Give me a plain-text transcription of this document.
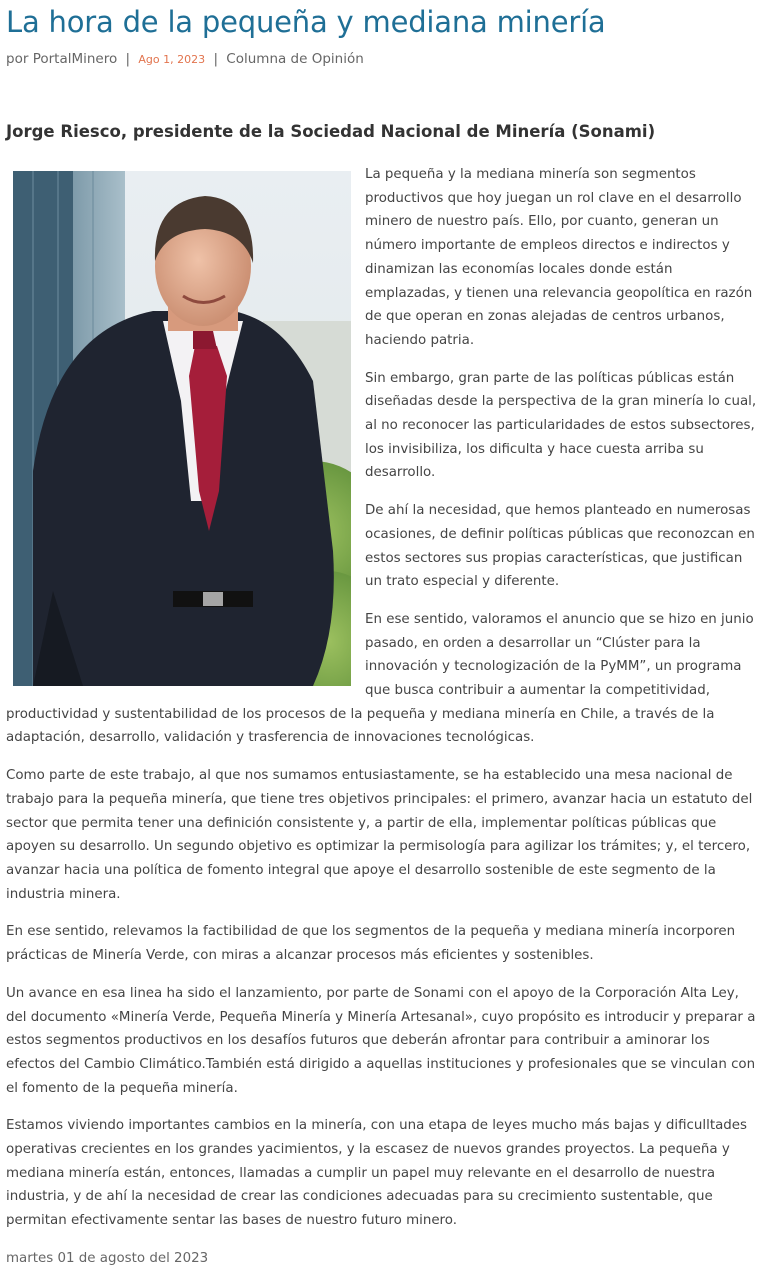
La hora de la pequeña y mediana minería
por PortalMinero | Ago 1, 2023 | Columna de Opinión
Jorge Riesco, presidente de la Sociedad Nacional de Minería (Sonami)

La pequeña y la mediana minería son segmentos productivos que hoy juegan un rol clave en el desarrollo minero de nuestro país. Ello, por cuanto, generan un número importante de empleos directos e indirectos y dinamizan las economías locales donde están emplazadas, y tienen una relevancia geopolítica en razón de que operan en zonas alejadas de centros urbanos, haciendo patria.

Sin embargo, gran parte de las políticas públicas están diseñadas desde la perspectiva de la gran minería lo cual, al no reconocer las particularidades de estos subsectores, los invisibiliza, los dificulta y hace cuesta arriba su desarrollo.

De ahí la necesidad, que hemos planteado en numerosas ocasiones, de definir políticas públicas que reconozcan en estos sectores sus propias características, que justifican un trato especial y diferente.

En ese sentido, valoramos el anuncio que se hizo en junio pasado, en orden a desarrollar un “Clúster para la innovación y tecnologización de la PyMM”, un programa que busca contribuir a aumentar la competitividad, productividad y sustentabilidad de los procesos de la pequeña y mediana minería en Chile, a través de la adaptación, desarrollo, validación y trasferencia de innovaciones tecnológicas.

Como parte de este trabajo, al que nos sumamos entusiastamente, se ha establecido una mesa nacional de trabajo para la pequeña minería, que tiene tres objetivos principales: el primero, avanzar hacia un estatuto del sector que permita tener una definición consistente y, a partir de ella, implementar políticas públicas que apoyen su desarrollo. Un segundo objetivo es optimizar la permisología para agilizar los trámites; y, el tercero, avanzar hacia una política de fomento integral que apoye el desarrollo sostenible de este segmento de la industria minera.

En ese sentido, relevamos la factibilidad de que los segmentos de la pequeña y mediana minería incorporen prácticas de Minería Verde, con miras a alcanzar procesos más eficientes y sostenibles.

Un avance en esa linea ha sido el lanzamiento, por parte de Sonami con el apoyo de la Corporación Alta Ley, del documento «Minería Verde, Pequeña Minería y Minería Artesanal», cuyo propósito es introducir y preparar a estos segmentos productivos en los desafíos futuros que deberán afrontar para contribuir a aminorar los efectos del Cambio Climático.También está dirigido a aquellas instituciones y profesionales que se vinculan con el fomento de la pequeña minería.

Estamos viviendo importantes cambios en la minería, con una etapa de leyes mucho más bajas y dificulltades operativas crecientes en los grandes yacimientos, y la escasez de nuevos grandes proyectos. La pequeña y mediana minería están, entonces, llamadas a cumplir un papel muy relevante en el desarrollo de nuestra industria, y de ahí la necesidad de crear las condiciones adecuadas para su crecimiento sustentable, que permitan efectivamente sentar las bases de nuestro futuro minero.

martes 01 de agosto del 2023
